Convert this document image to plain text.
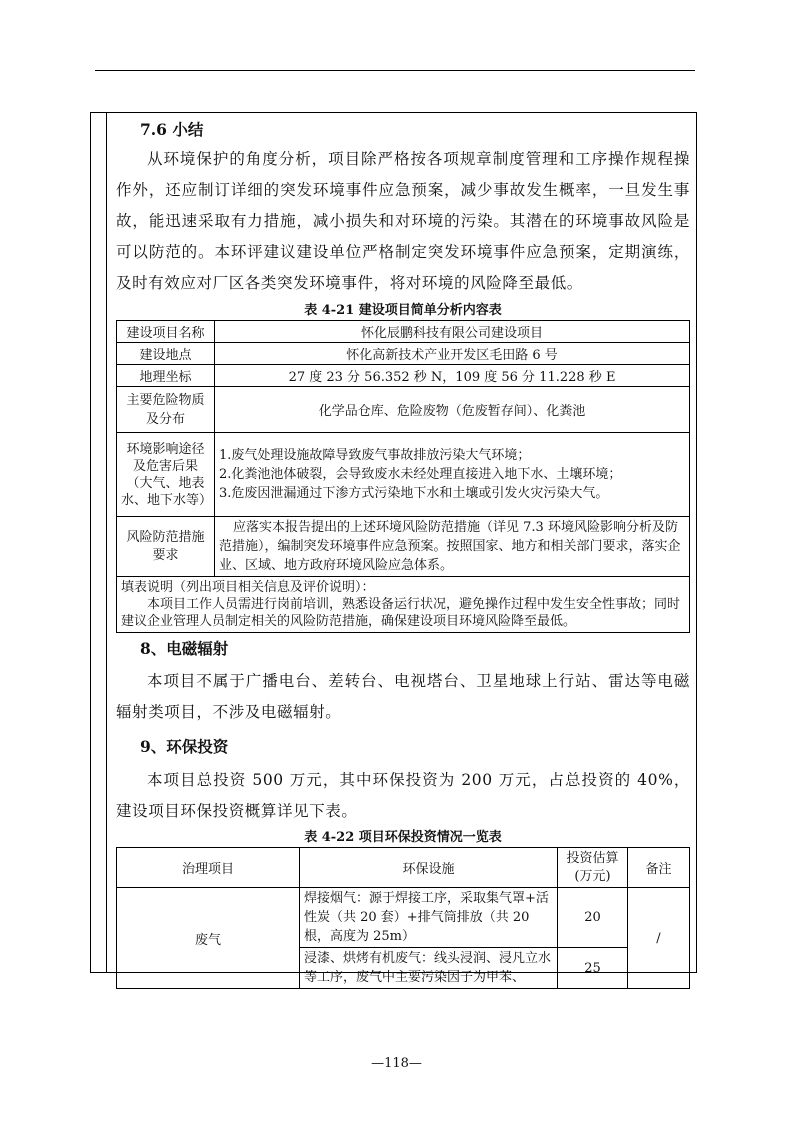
7.6 小结

从环境保护的角度分析，项目除严格按各项规章制度管理和工序操作规程操作外，还应制订详细的突发环境事件应急预案，减少事故发生概率，一旦发生事故，能迅速采取有力措施，减小损失和对环境的污染。其潜在的环境事故风险是可以防范的。本环评建议建设单位严格制定突发环境事件应急预案，定期演练，及时有效应对厂区各类突发环境事件，将对环境的风险降至最低。

表 4-21 建设项目简单分析内容表

建设项目名称	怀化辰鹏科技有限公司建设项目
建设地点	怀化高新技术产业开发区毛田路 6 号
地理坐标	27 度 23 分 56.352 秒 N，109 度 56 分 11.228 秒 E
主要危险物质及分布	化学品仓库、危险废物（危废暂存间）、化粪池
环境影响途径及危害后果（大气、地表水、地下水等）	1.废气处理设施故障导致废气事故排放污染大气环境；
2.化粪池池体破裂，会导致废水未经处理直接进入地下水、土壤环境；
3.危废因泄漏通过下渗方式污染地下水和土壤或引发火灾污染大气。

风险防范措施要求	应落实本报告提出的上述环境风险防范措施（详见 7.3 环境风险影响分析及防范措施），编制突发环境事件应急预案。按照国家、地方和相关部门要求，落实企业、区域、地方政府环境风险应急体系。

填表说明（列出项目相关信息及评价说明）：
本项目工作人员需进行岗前培训，熟悉设备运行状况，避免操作过程中发生安全性事故；同时建议企业管理人员制定相关的风险防范措施，确保建设项目环境风险降至最低。	

8、电磁辐射

本项目不属于广播电台、差转台、电视塔台、卫星地球上行站、雷达等电磁辐射类项目，不涉及电磁辐射。

9、环保投资

本项目总投资 500 万元，其中环保投资为 200 万元，占总投资的 40%，建设项目环保投资概算详见下表。

表 4-22 项目环保投资情况一览表

治理项目	环保设施	投资估算(万元)	备注
废气	焊接烟气：源于焊接工序，采取集气罩+活性炭（共 20 套）+排气筒排放（共 20 根，高度为 25m）	20	/
	浸漆、烘烤有机废气：线头浸润、浸凡立水等工序，废气中主要污染因子为甲苯、	25	
—118—
